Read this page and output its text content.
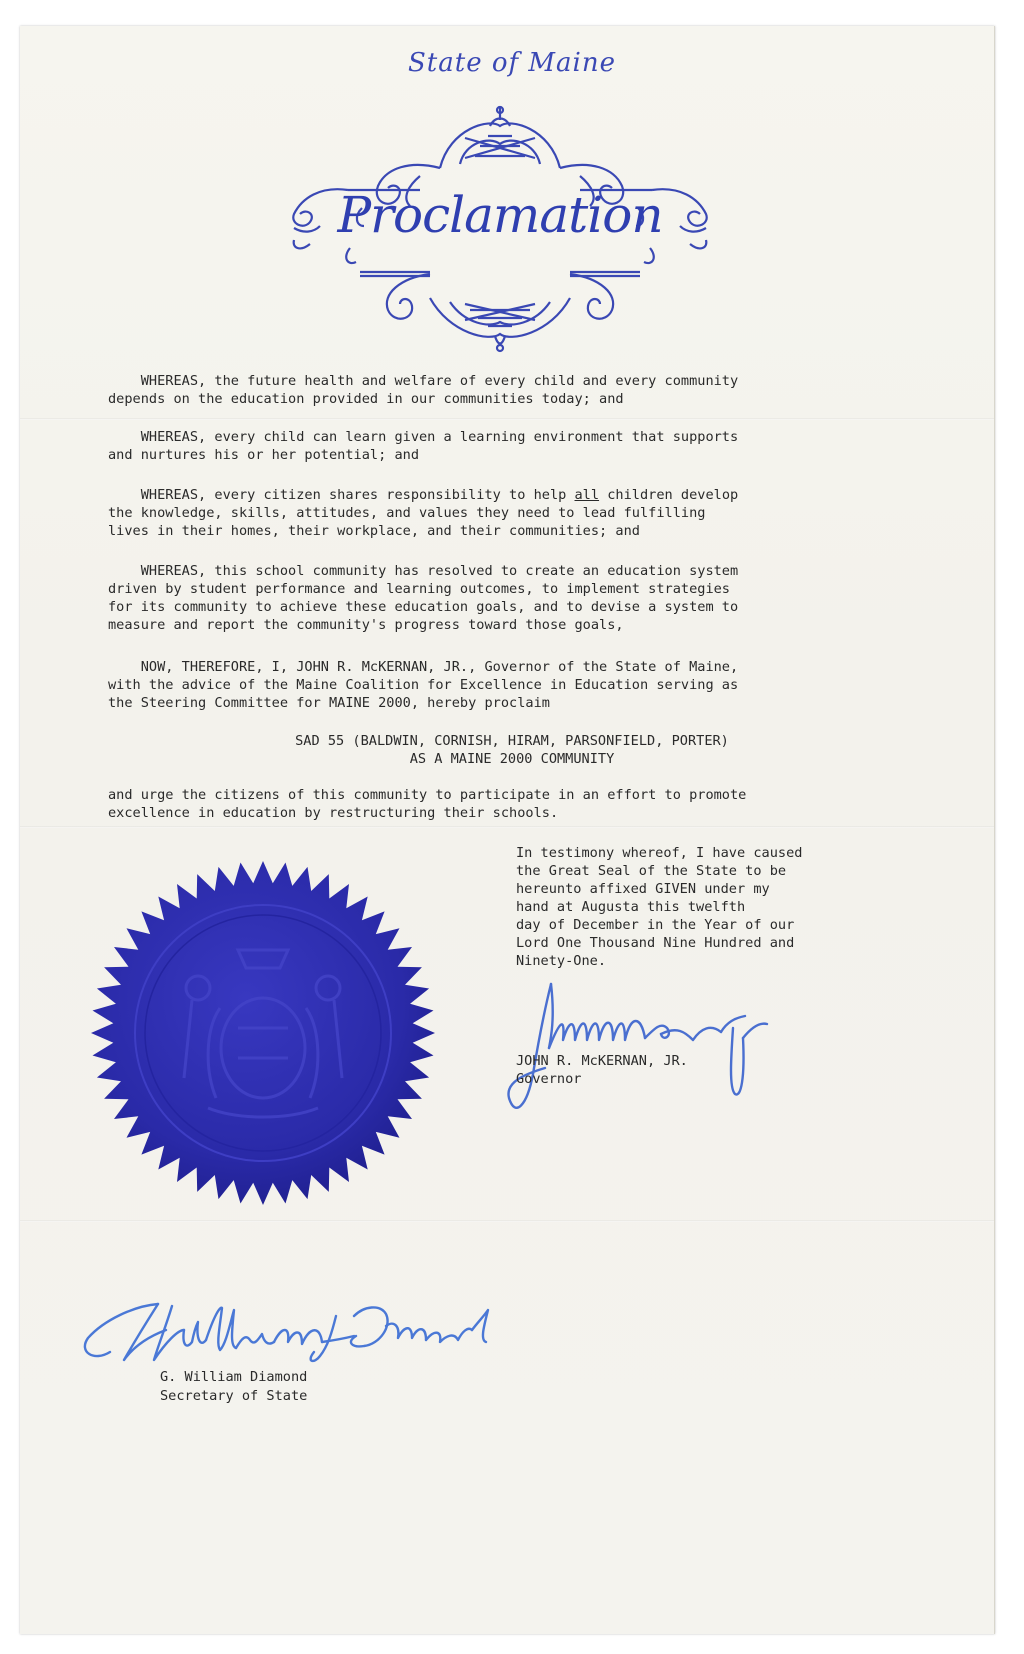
State of Maine
Proclamation
WHEREAS, the future health and welfare of every child and every community
depends on the education provided in our communities today; and
WHEREAS, every child can learn given a learning environment that supports
and nurtures his or her potential; and
WHEREAS, every citizen shares responsibility to help all children develop
the knowledge, skills, attitudes, and values they need to lead fulfilling
lives in their homes, their workplace, and their communities; and
WHEREAS, this school community has resolved to create an education system
driven by student performance and learning outcomes, to implement strategies
for its community to achieve these education goals, and to devise a system to
measure and report the community's progress toward those goals,
NOW, THEREFORE, I, JOHN R. McKERNAN, JR., Governor of the State of Maine,
with the advice of the Maine Coalition for Excellence in Education serving as
the Steering Committee for MAINE 2000, hereby proclaim
SAD 55 (BALDWIN, CORNISH, HIRAM, PARSONFIELD, PORTER)
AS A MAINE 2000 COMMUNITY
and urge the citizens of this community to participate in an effort to promote
excellence in education by restructuring their schools.
In testimony whereof, I have caused
the Great Seal of the State to be
hereunto affixed GIVEN under my
hand at Augusta this twelfth
day of December in the Year of our
Lord One Thousand Nine Hundred and
Ninety-One.
JOHN R. McKERNAN, JR.
Governor
G. William Diamond
Secretary of State
